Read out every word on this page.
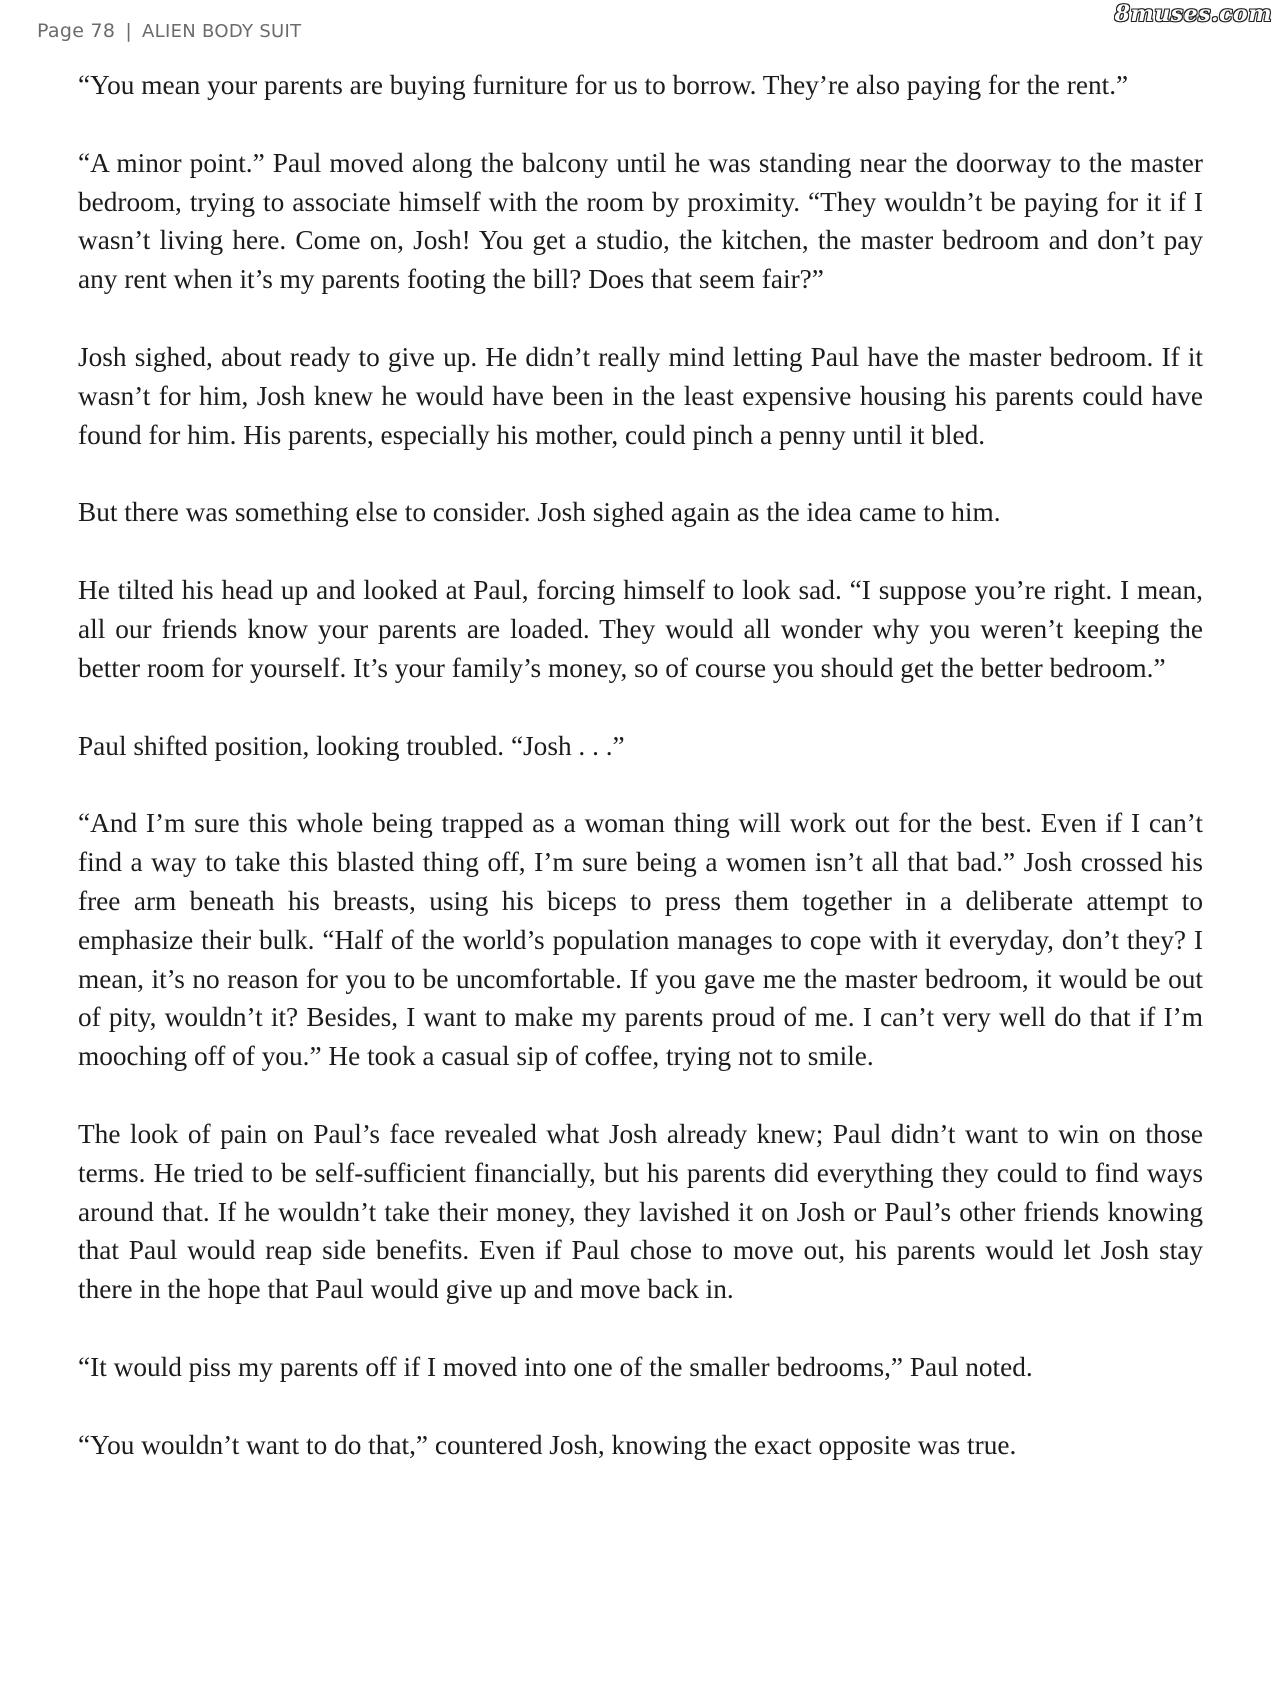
Page 78 | ALIEN BODY SUIT
8muses.com

“You mean your parents are buying furniture for us to borrow. They’re also paying for the rent.”

“A minor point.” Paul moved along the balcony until he was standing near the doorway to the master bedroom, trying to associate himself with the room by proximity. “They wouldn’t be paying for it if I wasn’t living here. Come on, Josh! You get a studio, the kitchen, the master bedroom and don’t pay any rent when it’s my parents footing the bill? Does that seem fair?”

Josh sighed, about ready to give up. He didn’t really mind letting Paul have the master bedroom. If it wasn’t for him, Josh knew he would have been in the least expensive housing his parents could have found for him. His parents, especially his mother, could pinch a penny until it bled.

But there was something else to consider. Josh sighed again as the idea came to him.

He tilted his head up and looked at Paul, forcing himself to look sad. “I suppose you’re right. I mean, all our friends know your parents are loaded. They would all wonder why you weren’t keeping the better room for yourself. It’s your family’s money, so of course you should get the better bedroom.”

Paul shifted position, looking troubled. “Josh . . .”

“And I’m sure this whole being trapped as a woman thing will work out for the best. Even if I can’t find a way to take this blasted thing off, I’m sure being a women isn’t all that bad.” Josh crossed his free arm beneath his breasts, using his biceps to press them together in a deliberate attempt to emphasize their bulk. “Half of the world’s population manages to cope with it everyday, don’t they? I mean, it’s no reason for you to be uncomfortable. If you gave me the master bedroom, it would be out of pity, wouldn’t it? Besides, I want to make my parents proud of me. I can’t very well do that if I’m mooching off of you.” He took a casual sip of coffee, trying not to smile.

The look of pain on Paul’s face revealed what Josh already knew; Paul didn’t want to win on those terms. He tried to be self-sufficient financially, but his parents did everything they could to find ways around that. If he wouldn’t take their money, they lavished it on Josh or Paul’s other friends knowing that Paul would reap side benefits. Even if Paul chose to move out, his parents would let Josh stay there in the hope that Paul would give up and move back in.

“It would piss my parents off if I moved into one of the smaller bedrooms,” Paul noted.

“You wouldn’t want to do that,” countered Josh, knowing the exact opposite was true.
